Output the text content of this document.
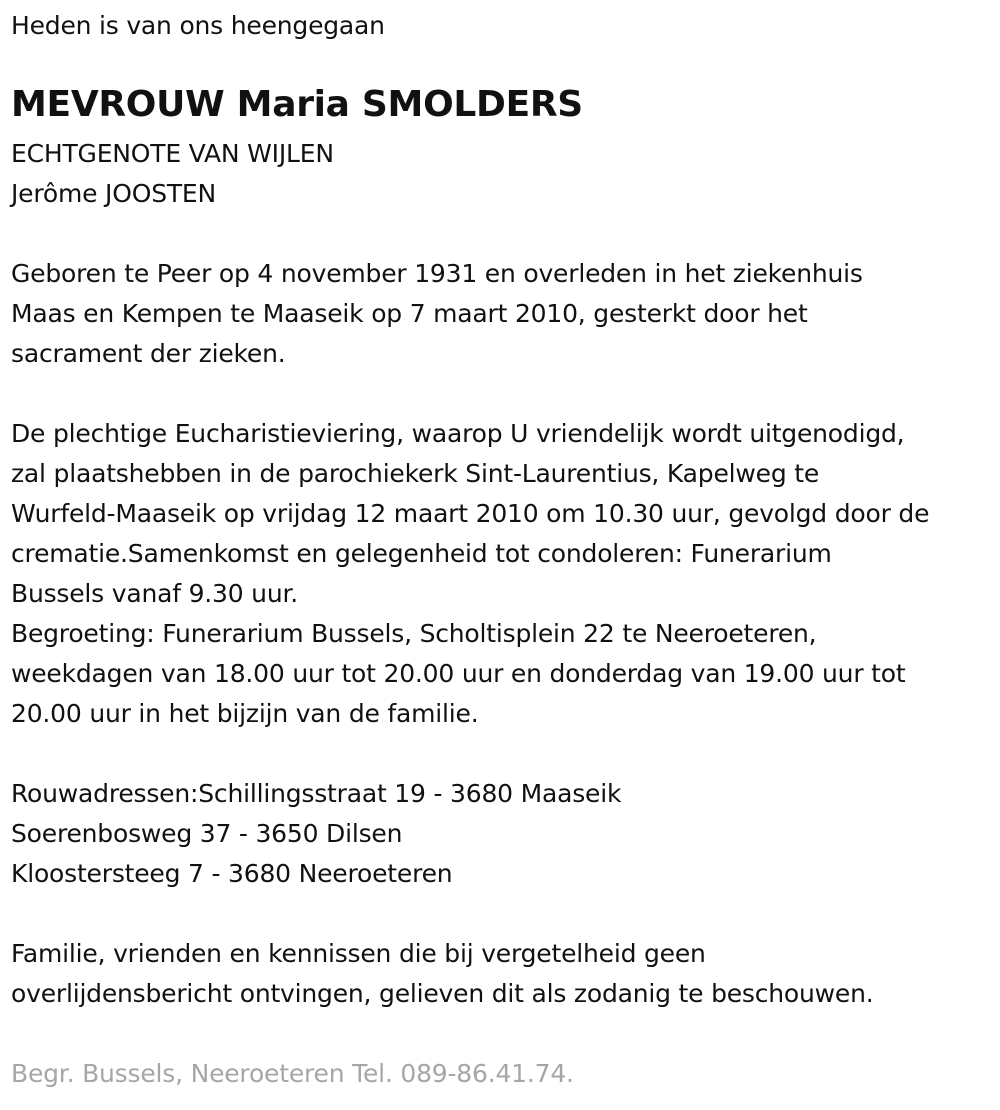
Heden is van ons heengegaan
MEVROUW Maria SMOLDERS
ECHTGENOTE VAN WIJLEN
Jerôme JOOSTEN
Geboren te Peer op 4 november 1931 en overleden in het ziekenhuis
Maas en Kempen te Maaseik op 7 maart 2010, gesterkt door het
sacrament der zieken.
De plechtige Eucharistieviering, waarop U vriendelijk wordt uitgenodigd,
zal plaatshebben in de parochiekerk Sint-Laurentius, Kapelweg te
Wurfeld-Maaseik op vrijdag 12 maart 2010 om 10.30 uur, gevolgd door de
crematie.Samenkomst en gelegenheid tot condoleren: Funerarium
Bussels vanaf 9.30 uur.
Begroeting: Funerarium Bussels, Scholtisplein 22 te Neeroeteren,
weekdagen van 18.00 uur tot 20.00 uur en donderdag van 19.00 uur tot
20.00 uur in het bijzijn van de familie.
Rouwadressen:Schillingsstraat 19 - 3680 Maaseik
Soerenbosweg 37 - 3650 Dilsen
Kloostersteeg 7 - 3680 Neeroeteren
Familie, vrienden en kennissen die bij vergetelheid geen
overlijdensbericht ontvingen, gelieven dit als zodanig te beschouwen.
Begr. Bussels, Neeroeteren Tel. 089-86.41.74.
